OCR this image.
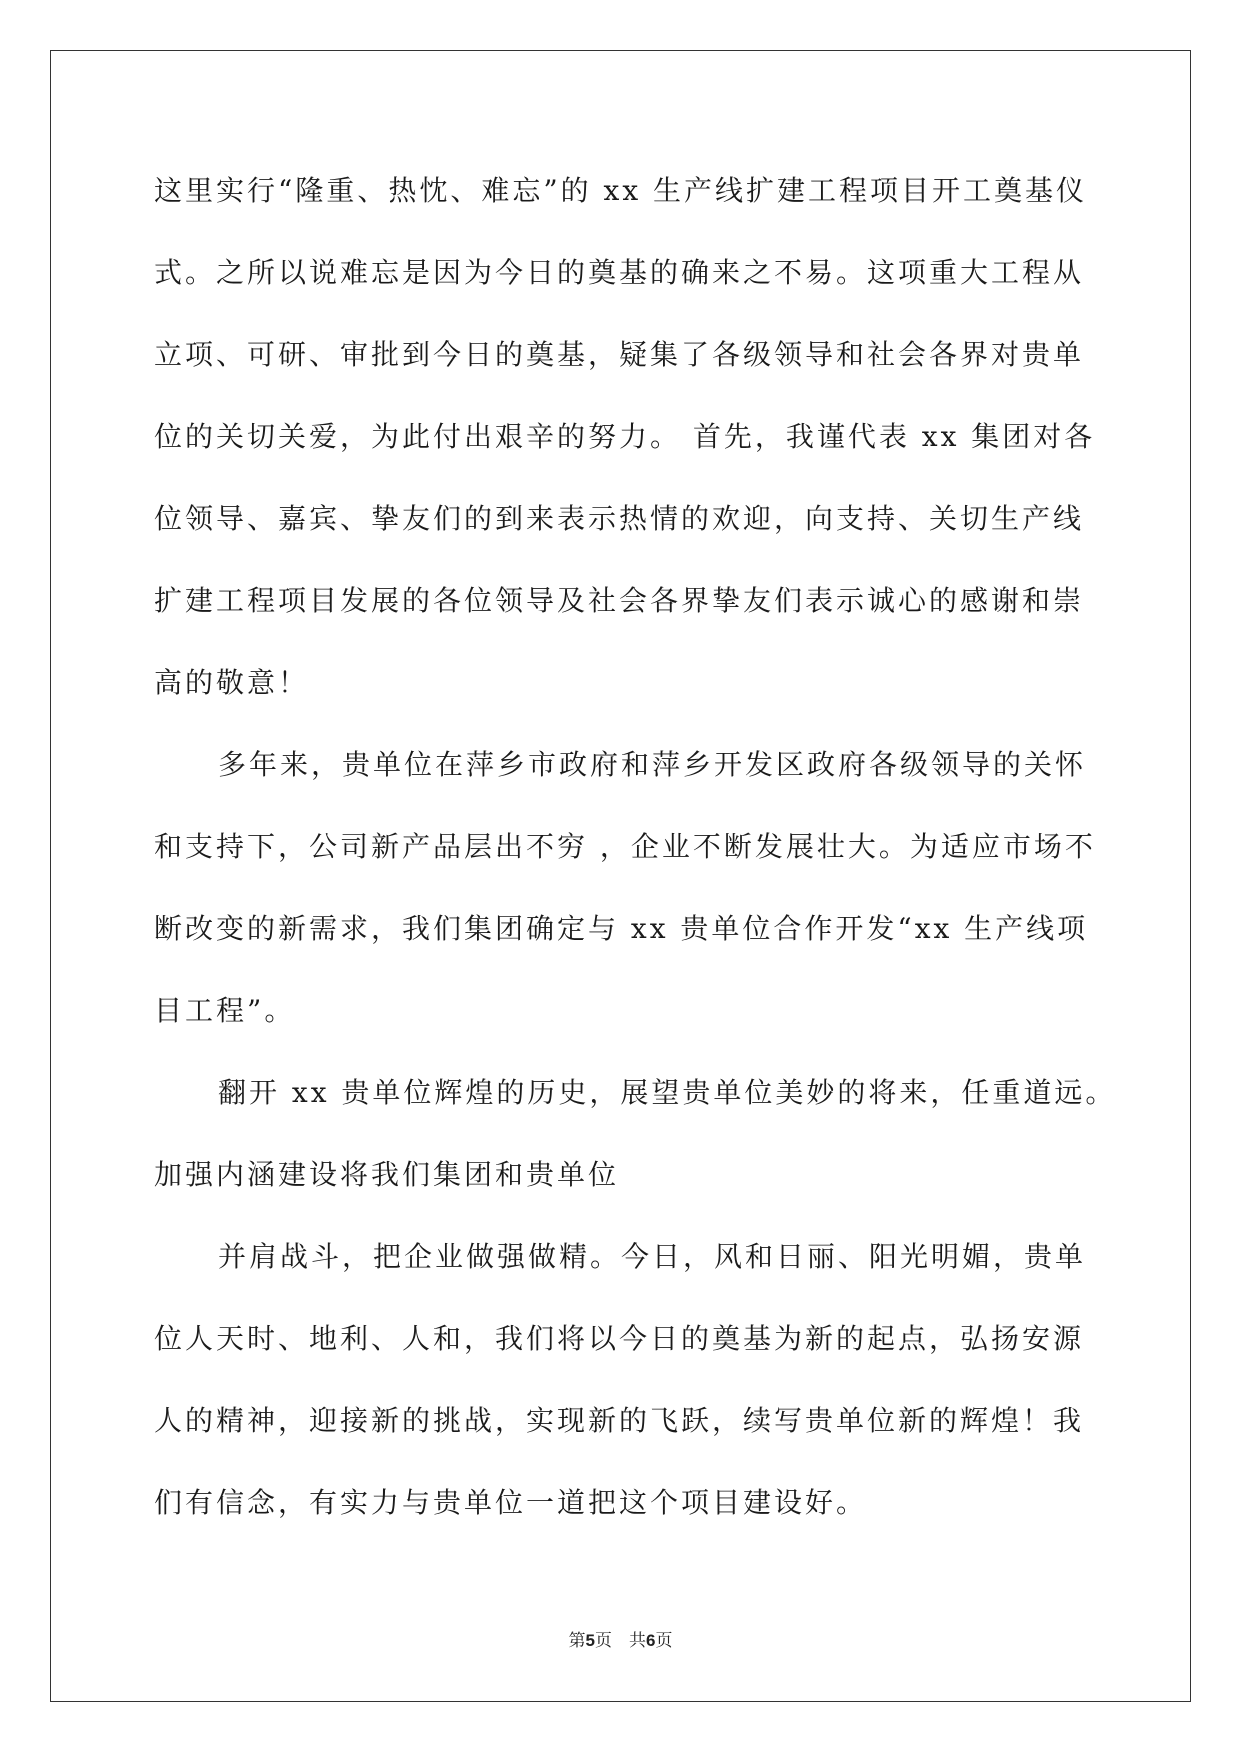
这里实行“隆重、热忱、难忘”的 xx 生产线扩建工程项目开工奠基仪
式。之所以说难忘是因为今日的奠基的确来之不易。这项重大工程从
立项、可研、审批到今日的奠基，疑集了各级领导和社会各界对贵单
位的关切关爱，为此付出艰辛的努力。 首先，我谨代表 xx 集团对各
位领导、嘉宾、挚友们的到来表示热情的欢迎，向支持、关切生产线
扩建工程项目发展的各位领导及社会各界挚友们表示诚心的感谢和崇
高的敬意！
多年来，贵单位在萍乡市政府和萍乡开发区政府各级领导的关怀
和支持下，公司新产品层出不穷 ，企业不断发展壮大。为适应市场不
断改变的新需求，我们集团确定与 xx 贵单位合作开发“xx 生产线项
目工程”。
翻开 xx 贵单位辉煌的历史，展望贵单位美妙的将来，任重道远。
加强内涵建设将我们集团和贵单位
并肩战斗，把企业做强做精。今日，风和日丽、阳光明媚，贵单
位人天时、地利、人和，我们将以今日的奠基为新的起点，弘扬安源
人的精神，迎接新的挑战，实现新的飞跃，续写贵单位新的辉煌！我
们有信念，有实力与贵单位一道把这个项目建设好。
第5页　共6页
